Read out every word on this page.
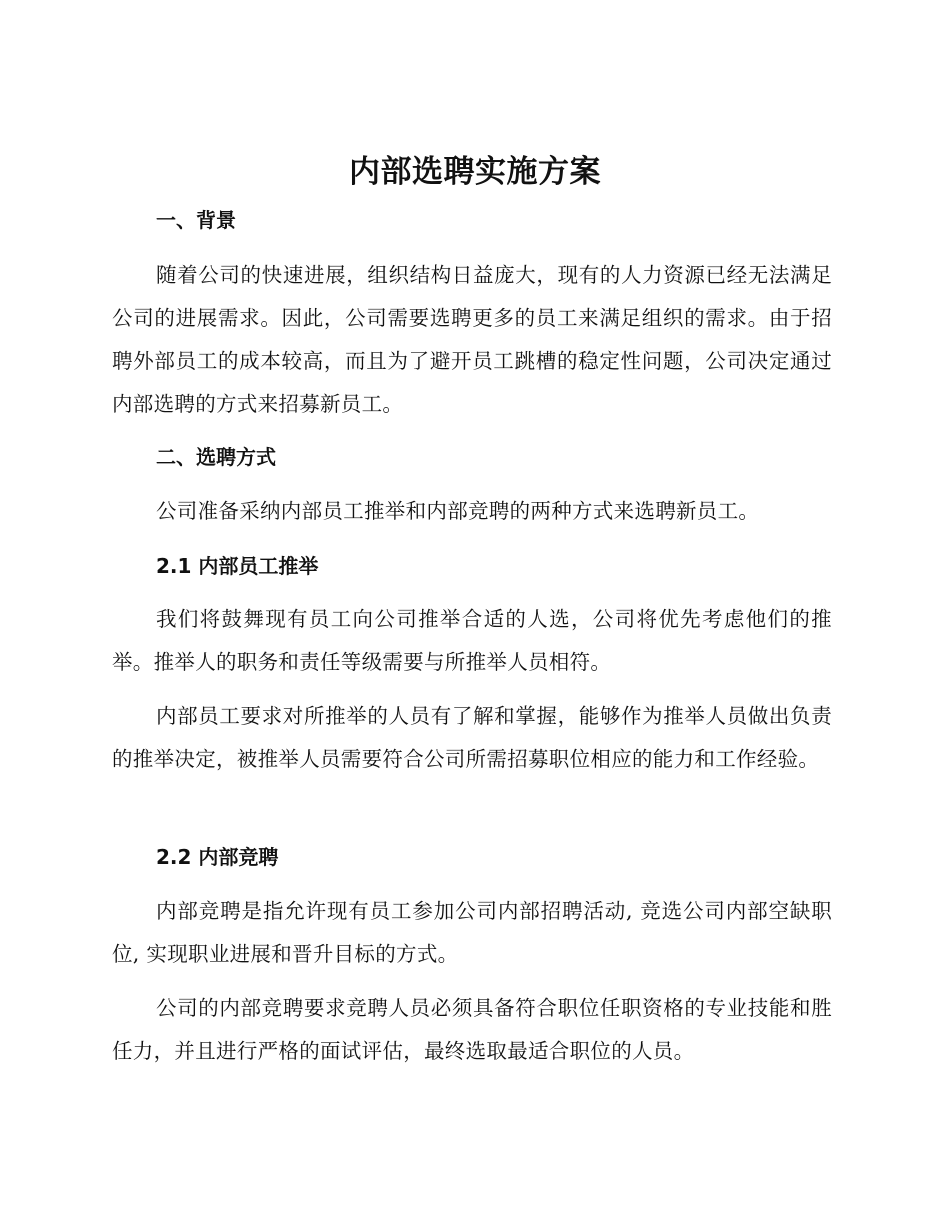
内部选聘实施方案
一、背景

随着公司的快速进展，组织结构日益庞大，现有的人力资源已经无法满足公司的进展需求。因此，公司需要选聘更多的员工来满足组织的需求。由于招聘外部员工的成本较高，而且为了避开员工跳槽的稳定性问题，公司决定通过内部选聘的方式来招募新员工。

二、选聘方式

公司准备采纳内部员工推举和内部竞聘的两种方式来选聘新员工。

2.1 内部员工推举

我们将鼓舞现有员工向公司推举合适的人选，公司将优先考虑他们的推举。推举人的职务和责任等级需要与所推举人员相符。

内部员工要求对所推举的人员有了解和掌握，能够作为推举人员做出负责的推举决定，被推举人员需要符合公司所需招募职位相应的能力和工作经验。

2.2 内部竞聘

内部竞聘是指允许现有员工参加公司内部招聘活动, 竞选公司内部空缺职位, 实现职业进展和晋升目标的方式。

公司的内部竞聘要求竞聘人员必须具备符合职位任职资格的专业技能和胜任力，并且进行严格的面试评估，最终选取最适合职位的人员。
